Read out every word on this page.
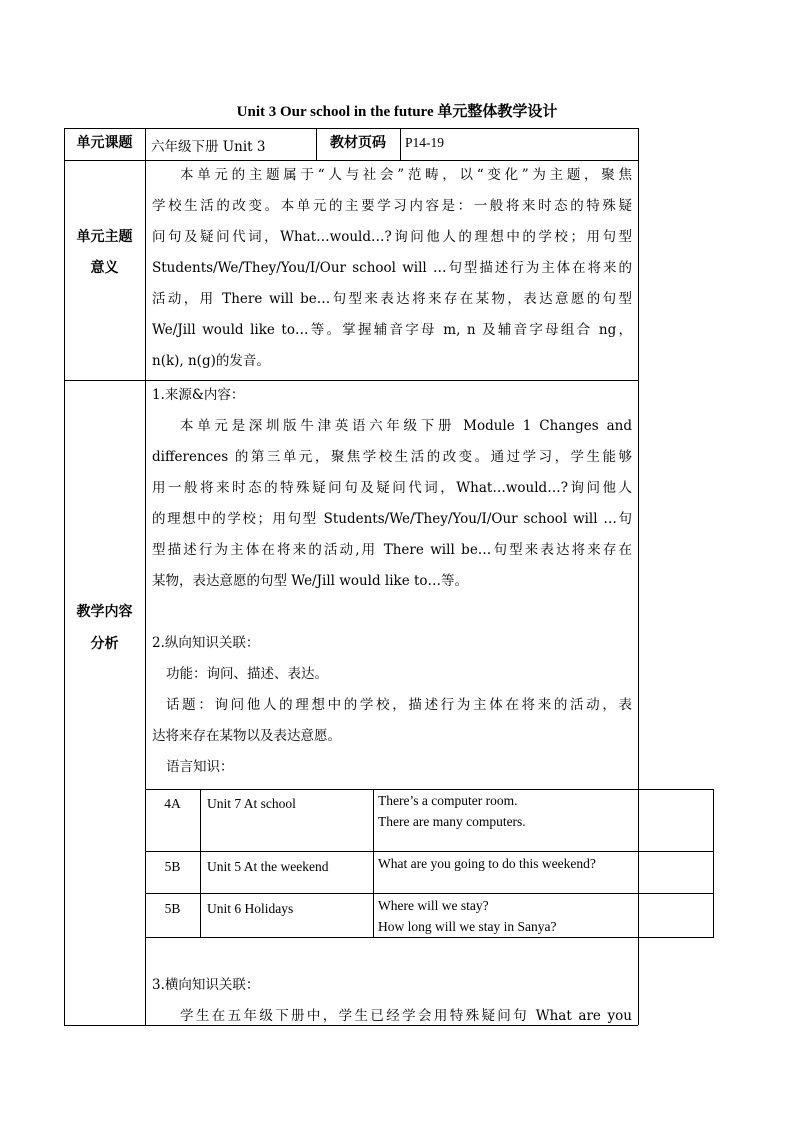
Unit 3 Our school in the future 单元整体教学设计
单元课题	六年级下册 Unit 3	教材页码	P14-19
单元主题
意义
本单元的主题属于“人与社会”范畴，以“变化”为主题，聚焦
学校生活的改变。本单元的主要学习内容是：一般将来时态的特殊疑
问句及疑问代词，What…would…?询问他人的理想中的学校；用句型
Students/We/They/You/I/Our school will …句型描述行为主体在将来的
活动，用 There will be…句型来表达将来存在某物，表达意愿的句型
We/Jill would like to…等。掌握辅音字母 m, n 及辅音字母组合 ng，
n(k), n(g)的发音。
教学内容
分析
1.来源&内容：
本单元是深圳版牛津英语六年级下册 Module 1 Changes and
differences 的第三单元，聚焦学校生活的改变。通过学习，学生能够
用一般将来时态的特殊疑问句及疑问代词，What…would…?询问他人
的理想中的学校；用句型 Students/We/They/You/I/Our school will …句
型描述行为主体在将来的活动,用 There will be…句型来表达将来存在
某物，表达意愿的句型 We/Jill would like to…等。
2.纵向知识关联：
功能：询问、描述、表达。
话题：询问他人的理想中的学校，描述行为主体在将来的活动，表
达将来存在某物以及表达意愿。
语言知识：
4A	Unit 7 At school	There’s a computer room.
There are many computers.
5B	Unit 5 At the weekend	What are you going to do this weekend?
5B	Unit 6 Holidays	Where will we stay?
How long will we stay in Sanya?
3.横向知识关联：
学生在五年级下册中，学生已经学会用特殊疑问句 What are you
